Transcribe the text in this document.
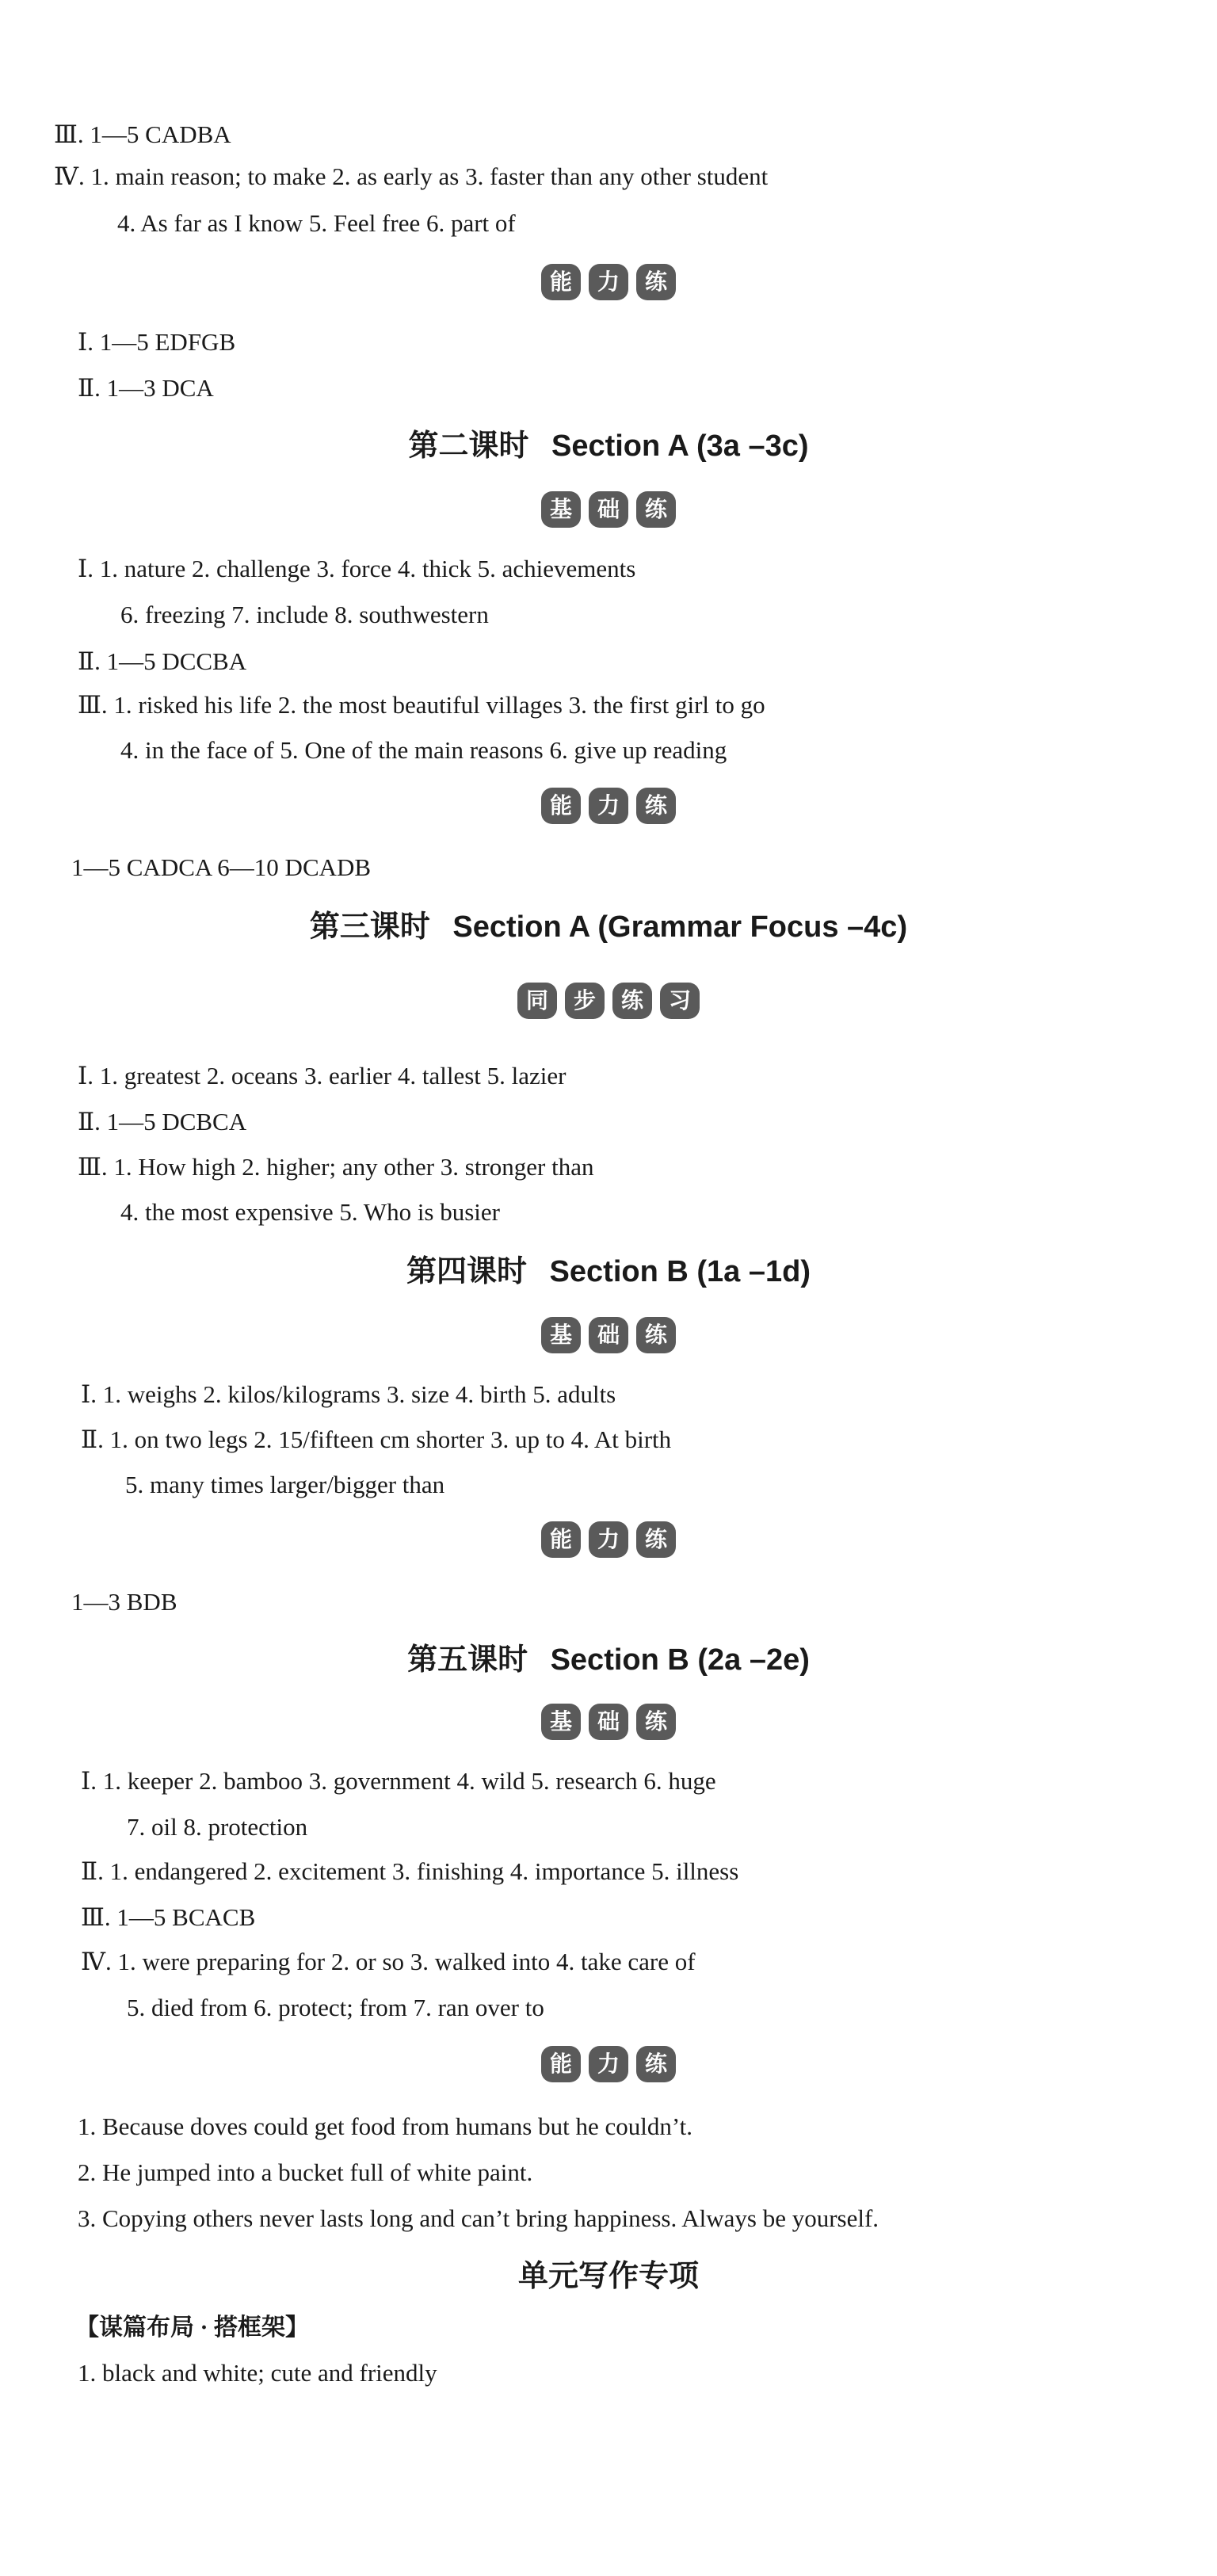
Ⅲ. 1—5 CADBA
Ⅳ. 1. main reason; to make 2. as early as 3. faster than any other student
4. As far as I know 5. Feel free 6. part of
能	力	练
Ⅰ. 1—5 EDFGB
Ⅱ. 1—3 DCA
第二课时 Section A (3a –3c)
基	础	练
Ⅰ. 1. nature 2. challenge 3. force 4. thick 5. achievements
6. freezing 7. include 8. southwestern
Ⅱ. 1—5 DCCBA
Ⅲ. 1. risked his life 2. the most beautiful villages 3. the first girl to go
4. in the face of 5. One of the main reasons 6. give up reading
能	力	练
1—5 CADCA 6—10 DCADB
第三课时 Section A (Grammar Focus –4c)
同	步	练	习
Ⅰ. 1. greatest 2. oceans 3. earlier 4. tallest 5. lazier
Ⅱ. 1—5 DCBCA
Ⅲ. 1. How high 2. higher; any other 3. stronger than
4. the most expensive 5. Who is busier
第四课时 Section B (1a –1d)
基	础	练
Ⅰ. 1. weighs 2. kilos/kilograms 3. size 4. birth 5. adults
Ⅱ. 1. on two legs 2. 15/fifteen cm shorter 3. up to 4. At birth
5. many times larger/bigger than
能	力	练
1—3 BDB
第五课时 Section B (2a –2e)
基	础	练
Ⅰ. 1. keeper 2. bamboo 3. government 4. wild 5. research 6. huge
7. oil 8. protection
Ⅱ. 1. endangered 2. excitement 3. finishing 4. importance 5. illness
Ⅲ. 1—5 BCACB
Ⅳ. 1. were preparing for 2. or so 3. walked into 4. take care of
5. died from 6. protect; from 7. ran over to
能	力	练
1. Because doves could get food from humans but he couldn’t.
2. He jumped into a bucket full of white paint.
3. Copying others never lasts long and can’t bring happiness. Always be yourself.
单元写作专项
【谋篇布局 · 搭框架】
1. black and white; cute and friendly
